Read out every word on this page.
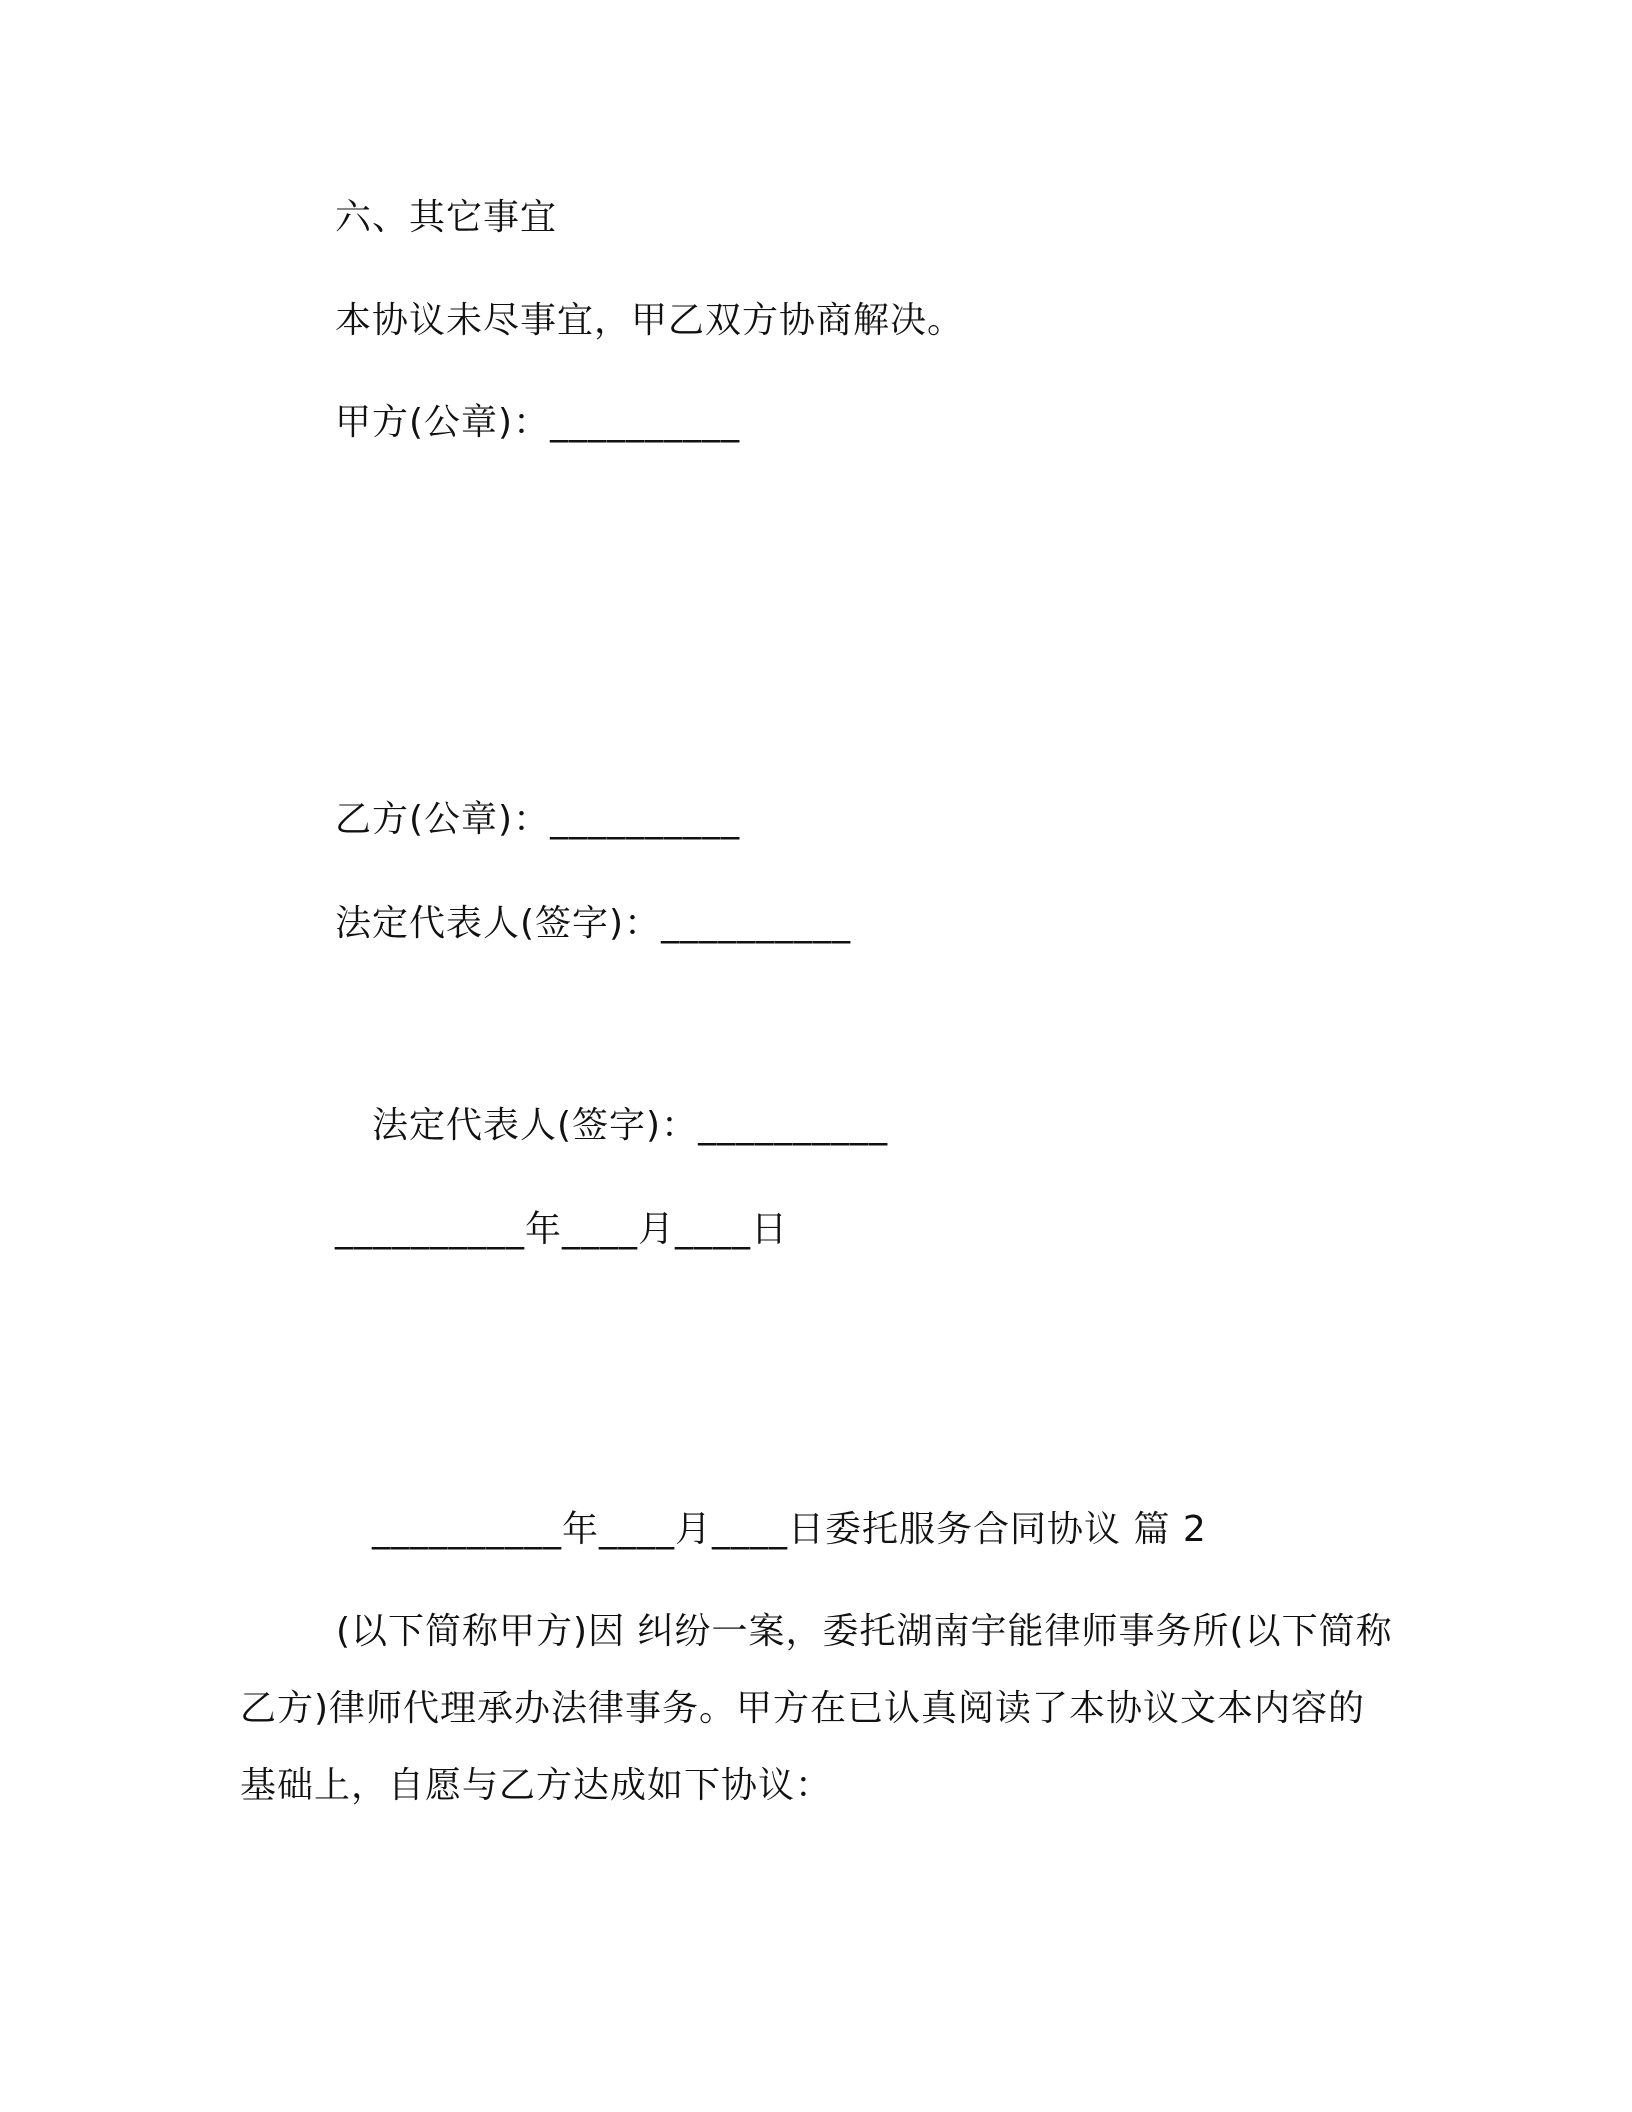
六、其它事宜
本协议未尽事宜，甲乙双方协商解决。
甲方(公章)：__________
乙方(公章)：__________
法定代表人(签字)：__________
法定代表人(签字)：__________
__________年____月____日
__________年____月____日委托服务合同协议 篇 2
(以下简称甲方)因 纠纷一案，委托湖南宇能律师事务所(以下简称乙方)律师代理承办法律事务。甲方在已认真阅读了本协议文本内容的基础上，自愿与乙方达成如下协议：
